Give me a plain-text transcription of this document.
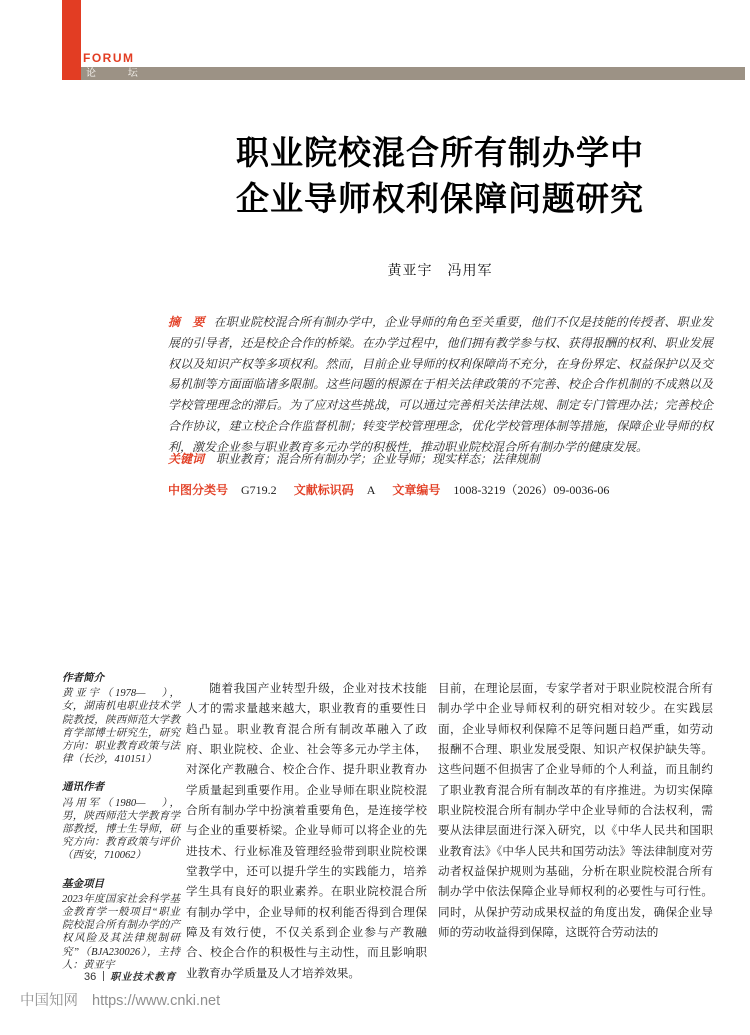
FORUM
论	坛
职业院校混合所有制办学中
企业导师权利保障问题研究
黄亚宇　冯用军
摘　要 在职业院校混合所有制办学中，企业导师的角色至关重要，他们不仅是技能的传授者、职业发展的引导者，还是校企合作的桥梁。在办学过程中，他们拥有教学参与权、获得报酬的权利、职业发展权以及知识产权等多项权利。然而，目前企业导师的权利保障尚不充分，在身份界定、权益保护以及交易机制等方面面临诸多限制。这些问题的根源在于相关法律政策的不完善、校企合作机制的不成熟以及学校管理理念的滞后。为了应对这些挑战，可以通过完善相关法律法规、制定专门管理办法；完善校企合作协议，建立校企合作监督机制；转变学校管理理念，优化学校管理体制等措施，保障企业导师的权利，激发企业参与职业教育多元办学的积极性，推动职业院校混合所有制办学的健康发展。
关键词 职业教育；混合所有制办学；企业导师；现实样态；法律规制
中图分类号 G719.2 文献标识码 A 文章编号 1008-3219（2026）09-0036-06
作者简介
黄亚宇（1978—　），女，湖南机电职业技术学院教授，陕西师范大学教育学部博士研究生，研究方向：职业教育政策与法律（长沙，410151）
通讯作者
冯用军（1980—　），男，陕西师范大学教育学部教授，博士生导师，研究方向：教育政策与评价（西安，710062）
基金项目
2023年度国家社会科学基金教育学一般项目“职业院校混合所有制办学的产权风险及其法律规制研究”（BJA230026），主持人：黄亚宇

随着我国产业转型升级，企业对技术技能人才的需求量越来越大，职业教育的重要性日趋凸显。职业教育混合所有制改革融入了政府、职业院校、企业、社会等多元办学主体，对深化产教融合、校企合作、提升职业教育办学质量起到重要作用。企业导师在职业院校混合所有制办学中扮演着重要角色，是连接学校与企业的重要桥梁。企业导师可以将企业的先进技术、行业标准及管理经验带到职业院校课堂教学中，还可以提升学生的实践能力，培养学生具有良好的职业素养。在职业院校混合所有制办学中，企业导师的权利能否得到合理保障及有效行使，不仅关系到企业参与产教融合、校企合作的积极性与主动性，而且影响职业教育办学质量及人才培养效果。

目前，在理论层面，专家学者对于职业院校混合所有制办学中企业导师权利的研究相对较少。在实践层面，企业导师权利保障不足等问题日趋严重，如劳动报酬不合理、职业发展受限、知识产权保护缺失等。这些问题不但损害了企业导师的个人利益，而且制约了职业教育混合所有制改革的有序推进。为切实保障职业院校混合所有制办学中企业导师的合法权利，需要从法律层面进行深入研究，以《中华人民共和国职业教育法》《中华人民共和国劳动法》等法律制度对劳动者权益保护规则为基础，分析在职业院校混合所有制办学中依法保障企业导师权利的必要性与可行性。同时，从保护劳动成果权益的角度出发，确保企业导师的劳动收益得到保障，这既符合劳动法的

36 职业技术教育
中国知网 https://www.cnki.net
